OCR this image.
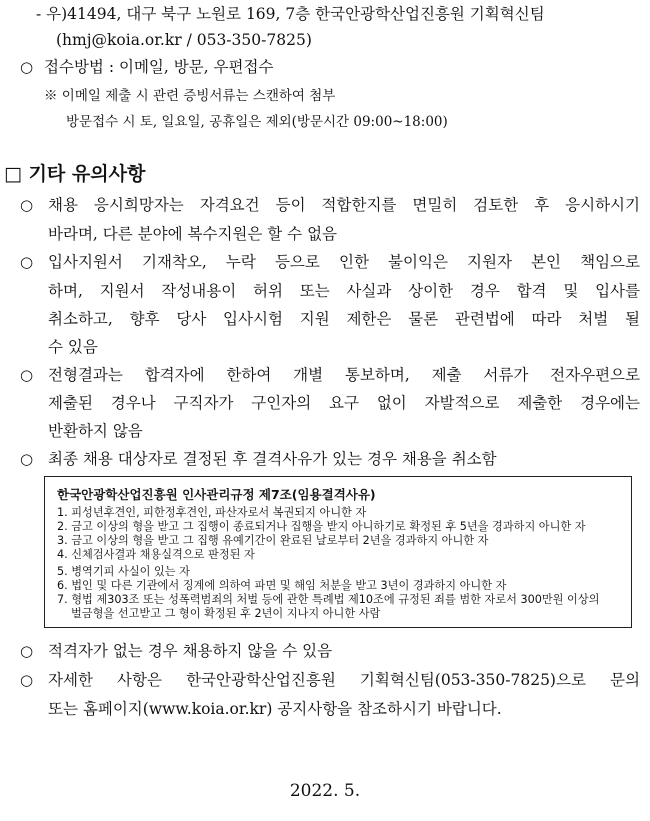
- 우)41494, 대구 북구 노원로 169, 7층 한국안광학산업진흥원 기획혁신팀
(hmj@koia.or.kr / 053-350-7825)
○ 접수방법 : 이메일, 방문, 우편접수
※ 이메일 제출 시 관련 증빙서류는 스캔하여 첨부
방문접수 시 토, 일요일, 공휴일은 제외(방문시간 09:00~18:00)
□ 기타 유의사항
○ 채용 응시희망자는 자격요건 등이 적합한지를 면밀히 검토한 후 응시하시기
바라며, 다른 분야에 복수지원은 할 수 없음
○ 입사지원서 기재착오, 누락 등으로 인한 불이익은 지원자 본인 책임으로
하며, 지원서 작성내용이 허위 또는 사실과 상이한 경우 합격 및 입사를
취소하고, 향후 당사 입사시험 지원 제한은 물론 관련법에 따라 처벌 될
수 있음
○ 전형결과는 합격자에 한하여 개별 통보하며, 제출 서류가 전자우편으로
제출된 경우나 구직자가 구인자의 요구 없이 자발적으로 제출한 경우에는
반환하지 않음
○ 최종 채용 대상자로 결정된 후 결격사유가 있는 경우 채용을 취소함
한국안광학산업진흥원 인사관리규정 제7조(임용결격사유)
1. 피성년후견인, 피한정후견인, 파산자로서 복권되지 아니한 자
2. 금고 이상의 형을 받고 그 집행이 종료되거나 집행을 받지 아니하기로 확정된 후 5년을 경과하지 아니한 자
3. 금고 이상의 형을 받고 그 집행 유예기간이 완료된 날로부터 2년을 경과하지 아니한 자
4. 신체검사결과 채용실격으로 판정된 자
5. 병역기피 사실이 있는 자
6. 법인 및 다른 기관에서 징계에 의하여 파면 및 해임 처분을 받고 3년이 경과하지 아니한 자
7. 형법 제303조 또는 성폭력범죄의 처벌 등에 관한 특례법 제10조에 규정된 죄를 범한 자로서 300만원 이상의
벌금형을 선고받고 그 형이 확정된 후 2년이 지나지 아니한 사람
○ 적격자가 없는 경우 채용하지 않을 수 있음
○ 자세한 사항은 한국안광학산업진흥원 기획혁신팀(053-350-7825)으로 문의
또는 홈페이지(www.koia.or.kr) 공지사항을 참조하시기 바랍니다.
2022. 5.
